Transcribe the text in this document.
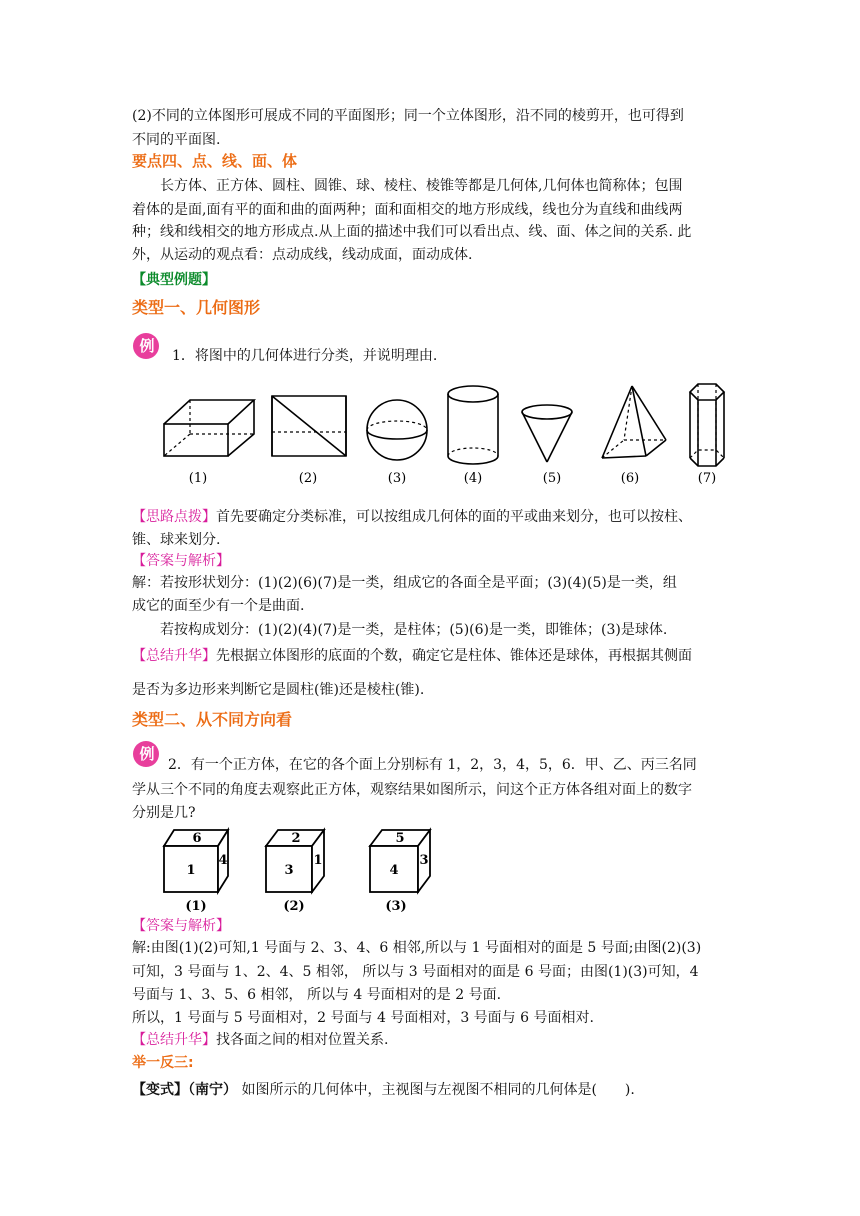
(2)不同的立体图形可展成不同的平面图形；同一个立体图形，沿不同的棱剪开，也可得到
不同的平面图.
要点四、点、线、面、体
长方体、正方体、圆柱、圆锥、球、棱柱、棱锥等都是几何体,几何体也简称体；包围
着体的是面,面有平的面和曲的面两种；面和面相交的地方形成线，线也分为直线和曲线两
种；线和线相交的地方形成点.从上面的描述中我们可以看出点、线、面、体之间的关系. 此
外，从运动的观点看：点动成线，线动成面，面动成体.
【典型例题】
类型一、几何图形
例
1．将图中的几何体进行分类，并说明理由.
(1)	(2)	(3)	(4)	(5)	(6)	(7)
【思路点拨】首先要确定分类标准，可以按组成几何体的面的平或曲来划分，也可以按柱、
锥、球来划分.
【答案与解析】
解：若按形状划分：(1)(2)(6)(7)是一类，组成它的各面全是平面；(3)(4)(5)是一类，组
成它的面至少有一个是曲面.
若按构成划分：(1)(2)(4)(7)是一类，是柱体；(5)(6)是一类，即锥体；(3)是球体.
【总结升华】先根据立体图形的底面的个数，确定它是柱体、锥体还是球体，再根据其侧面
是否为多边形来判断它是圆柱(锥)还是棱柱(锥).
类型二、从不同方向看
例
2．有一个正方体，在它的各个面上分别标有 1，2，3，4，5，6．甲、乙、丙三名同
学从三个不同的角度去观察此正方体，观察结果如图所示，问这个正方体各组对面上的数字
分别是几?
6
1
4
(1)
2
3
1
(2)
5
4
3
(3)
【答案与解析】
解:由图(1)(2)可知,1 号面与 2、3、4、6 相邻,所以与 1 号面相对的面是 5 号面;由图(2)(3)
可知，3 号面与 1、2、4、5 相邻， 所以与 3 号面相对的面是 6 号面；由图(1)(3)可知，4
号面与 1、3、5、6 相邻， 所以与 4 号面相对的是 2 号面.
所以，1 号面与 5 号面相对，2 号面与 4 号面相对，3 号面与 6 号面相对.
【总结升华】找各面之间的相对位置关系.
举一反三:
【变式】（南宁） 如图所示的几何体中，主视图与左视图不相同的几何体是(　　).
